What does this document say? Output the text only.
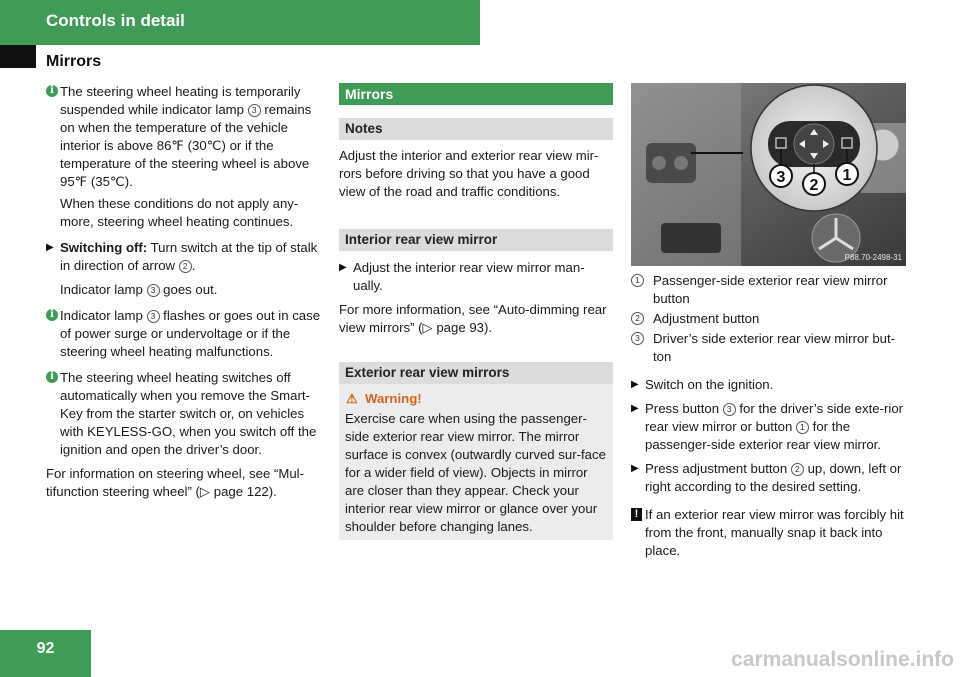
Controls in detail
Mirrors
i The steering wheel heating is temporarily suspended while indicator lamp 3 remains on when the temperature of the vehicle interior is above 86℉ (30℃) or if the temperature of the steering wheel is above 95℉ (35℃).
When these conditions do not apply any-more, steering wheel heating continues.
▶ Switching off: Turn switch at the tip of stalk in direction of arrow 2 .
Indicator lamp 3 goes out.
i Indicator lamp 3 flashes or goes out in case of power surge or undervoltage or if the steering wheel heating malfunctions.
i The steering wheel heating switches off automatically when you remove the Smart-Key from the starter switch or, on vehicles with KEYLESS-GO, when you switch off the ignition and open the driver’s door.
For information on steering wheel, see “Mul-tifunction steering wheel” (▷ page 122).
Mirrors
Notes
Adjust the interior and exterior rear view mir-rors before driving so that you have a good view of the road and traffic conditions.
Interior rear view mirror
▶ Adjust the interior rear view mirror man-ually.
For more information, see “Auto-dimming rear view mirrors” (▷ page 93).
Exterior rear view mirrors
⚠ Warning!
Exercise care when using the passenger-side exterior rear view mirror. The mirror surface is convex (outwardly curved sur-face for a wider field of view). Objects in mirror are closer than they appear. Check your interior rear view mirror or glance over your shoulder before changing lanes.
3 2
1
P88.70-2498-31
1 Passenger-side exterior rear view mirror button
2 Adjustment button
3 Driver’s side exterior rear view mirror but-ton
▶ Switch on the ignition.
▶ Press button 3 for the driver’s side exte-rior rear view mirror or button 1 for the passenger-side exterior rear view mirror.
▶ Press adjustment button 2 up, down, left or right according to the desired setting.
! If an exterior rear view mirror was forcibly hit from the front, manually snap it back into place.
92	carmanualsonline.info
